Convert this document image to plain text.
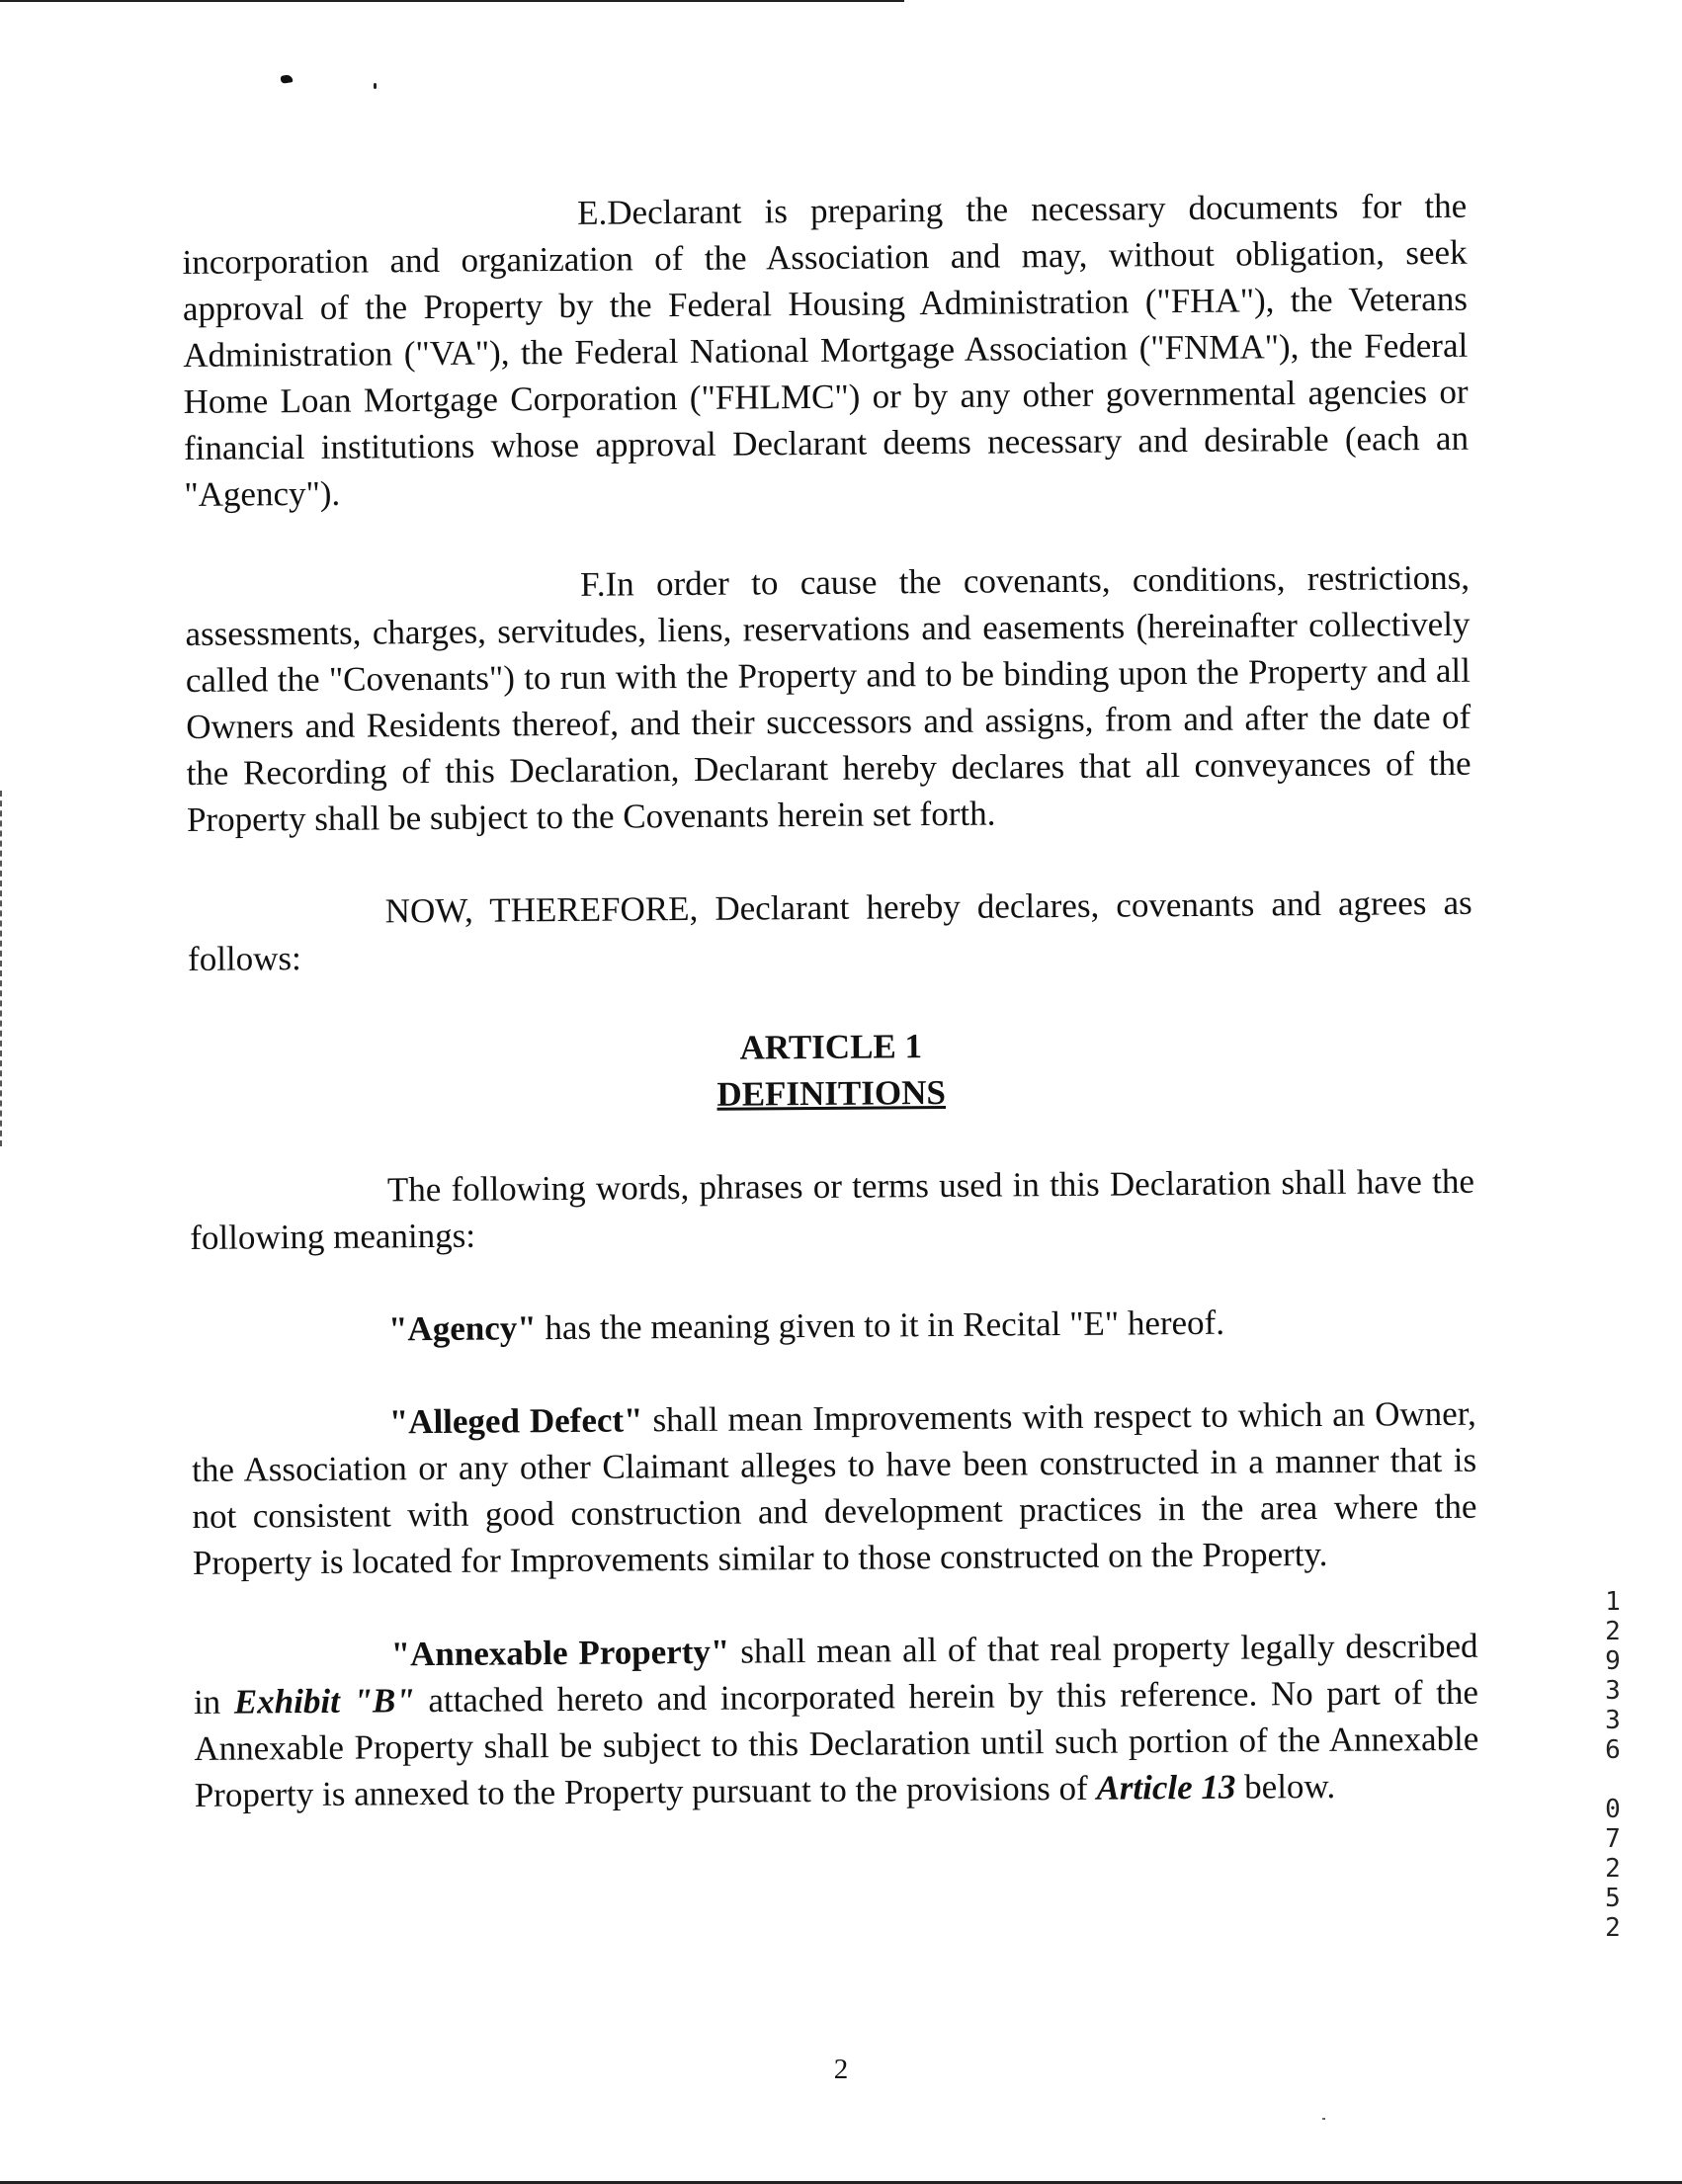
E.Declarant is preparing the necessary documents for the incorporation and organization of the Association and may, without obligation, seek approval of the Property by the Federal Housing Administration ("FHA"), the Veterans Administration ("VA"), the Federal National Mortgage Association ("FNMA"), the Federal Home Loan Mortgage Corporation ("FHLMC") or by any other governmental agencies or financial institutions whose approval Declarant deems necessary and desirable (each an "Agency").

F.In order to cause the covenants, conditions, restrictions, assessments, charges, servitudes, liens, reservations and easements (hereinafter collectively called the "Covenants") to run with the Property and to be binding upon the Property and all Owners and Residents thereof, and their successors and assigns, from and after the date of the Recording of this Declaration, Declarant hereby declares that all conveyances of the Property shall be subject to the Covenants herein set forth.

NOW, THEREFORE, Declarant hereby declares, covenants and agrees as follows:

ARTICLE 1
DEFINITIONS

The following words, phrases or terms used in this Declaration shall have the following meanings:

"Agency" has the meaning given to it in Recital "E" hereof.

"Alleged Defect" shall mean Improvements with respect to which an Owner, the Association or any other Claimant alleges to have been constructed in a manner that is not consistent with good construction and development practices in the area where the Property is located for Improvements similar to those constructed on the Property.

"Annexable Property" shall mean all of that real property legally described in Exhibit "B" attached hereto and incorporated herein by this reference. No part of the Annexable Property shall be subject to this Declaration until such portion of the Annexable Property is annexed to the Property pursuant to the provisions of Article 13 below.

1
2
9
3
3
6

0
7
2
5
2
2
